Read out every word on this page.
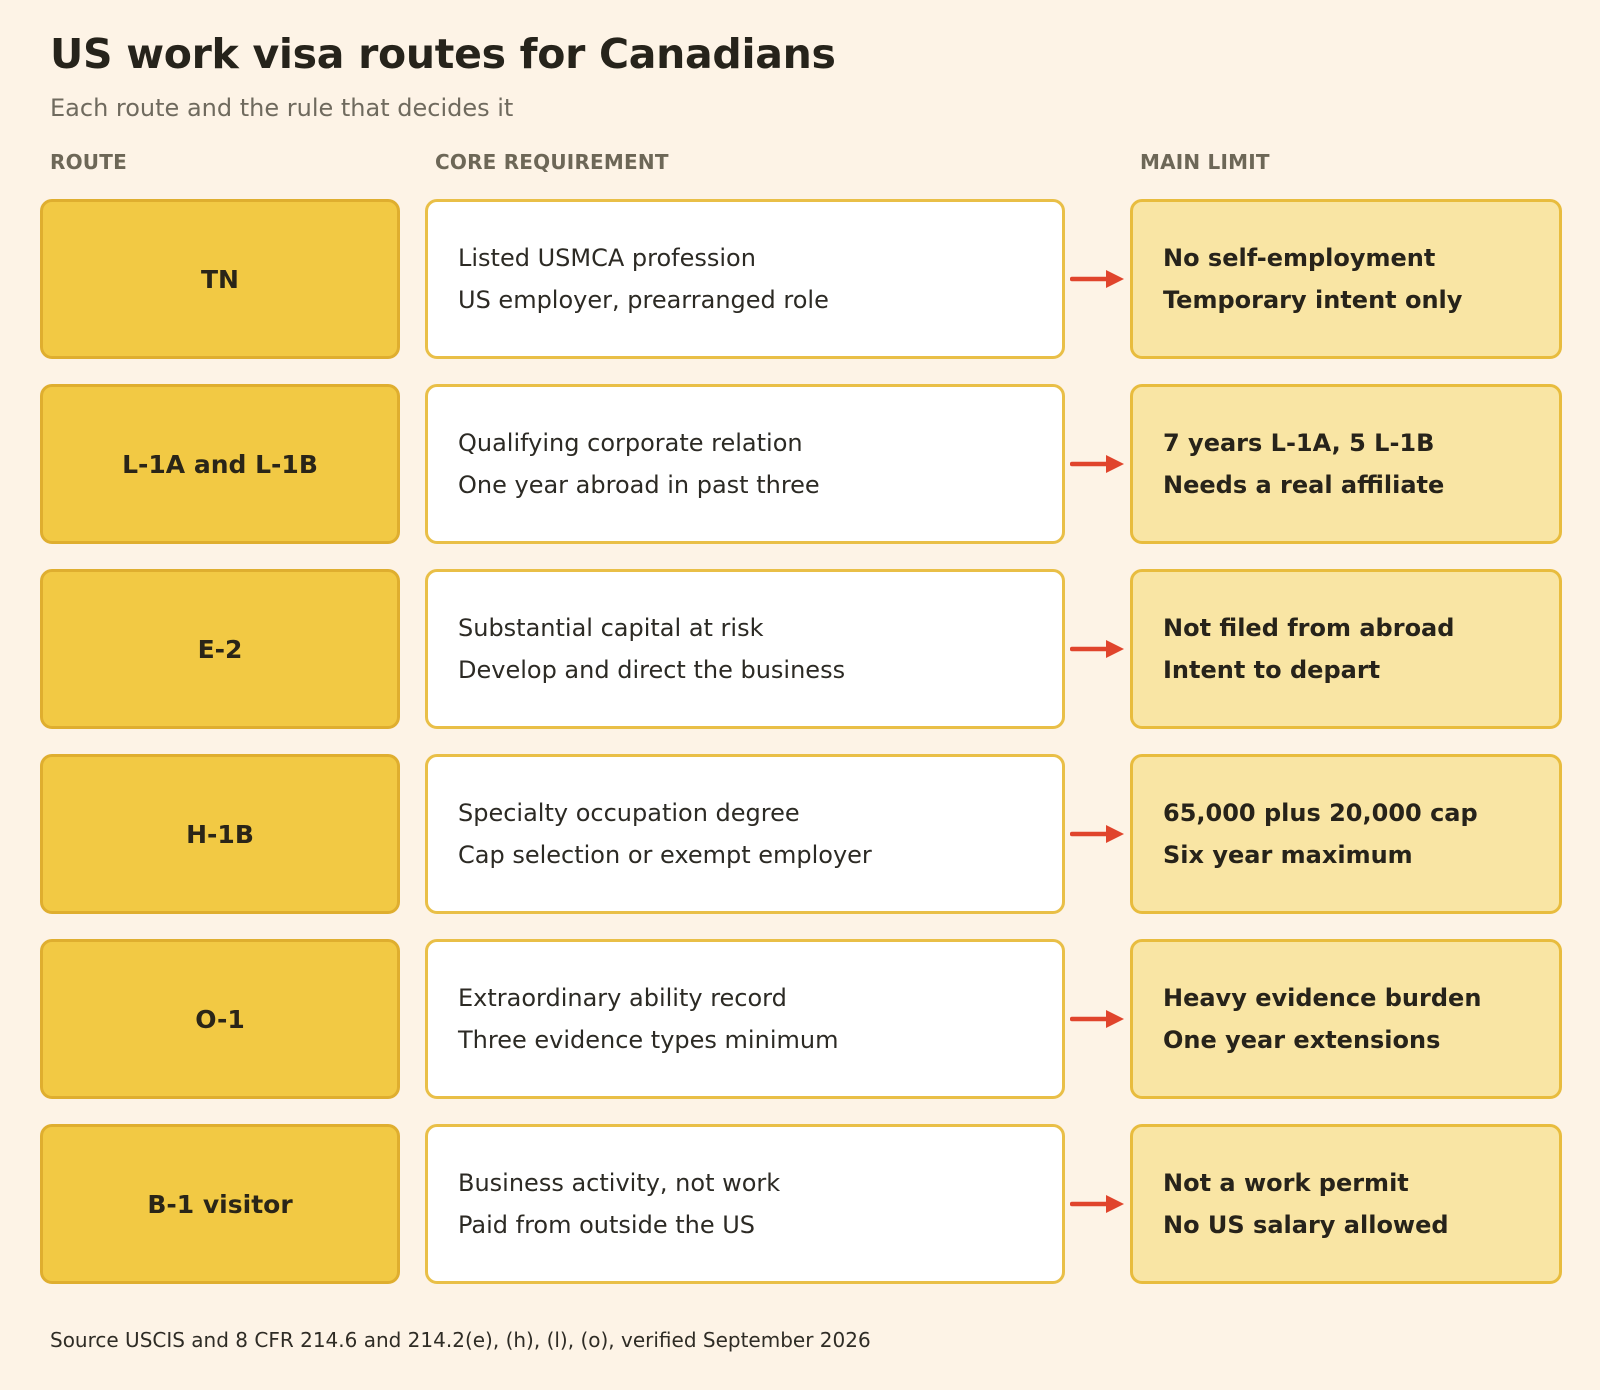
US work visa routes for Canadians
Each route and the rule that decides it
ROUTE	CORE REQUIREMENT	MAIN LIMIT
TN
Listed USMCA profession
US employer, prearranged role
No self-employment
Temporary intent only
L-1A and L-1B
Qualifying corporate relation
One year abroad in past three
7 years L-1A, 5 L-1B
Needs a real affiliate
E-2
Substantial capital at risk
Develop and direct the business
Not filed from abroad
Intent to depart
H-1B
Specialty occupation degree
Cap selection or exempt employer
65,000 plus 20,000 cap
Six year maximum
O-1
Extraordinary ability record
Three evidence types minimum
Heavy evidence burden
One year extensions
B-1 visitor
Business activity, not work
Paid from outside the US
Not a work permit
No US salary allowed
Source USCIS and 8 CFR 214.6 and 214.2(e), (h), (l), (o), verified September 2026
